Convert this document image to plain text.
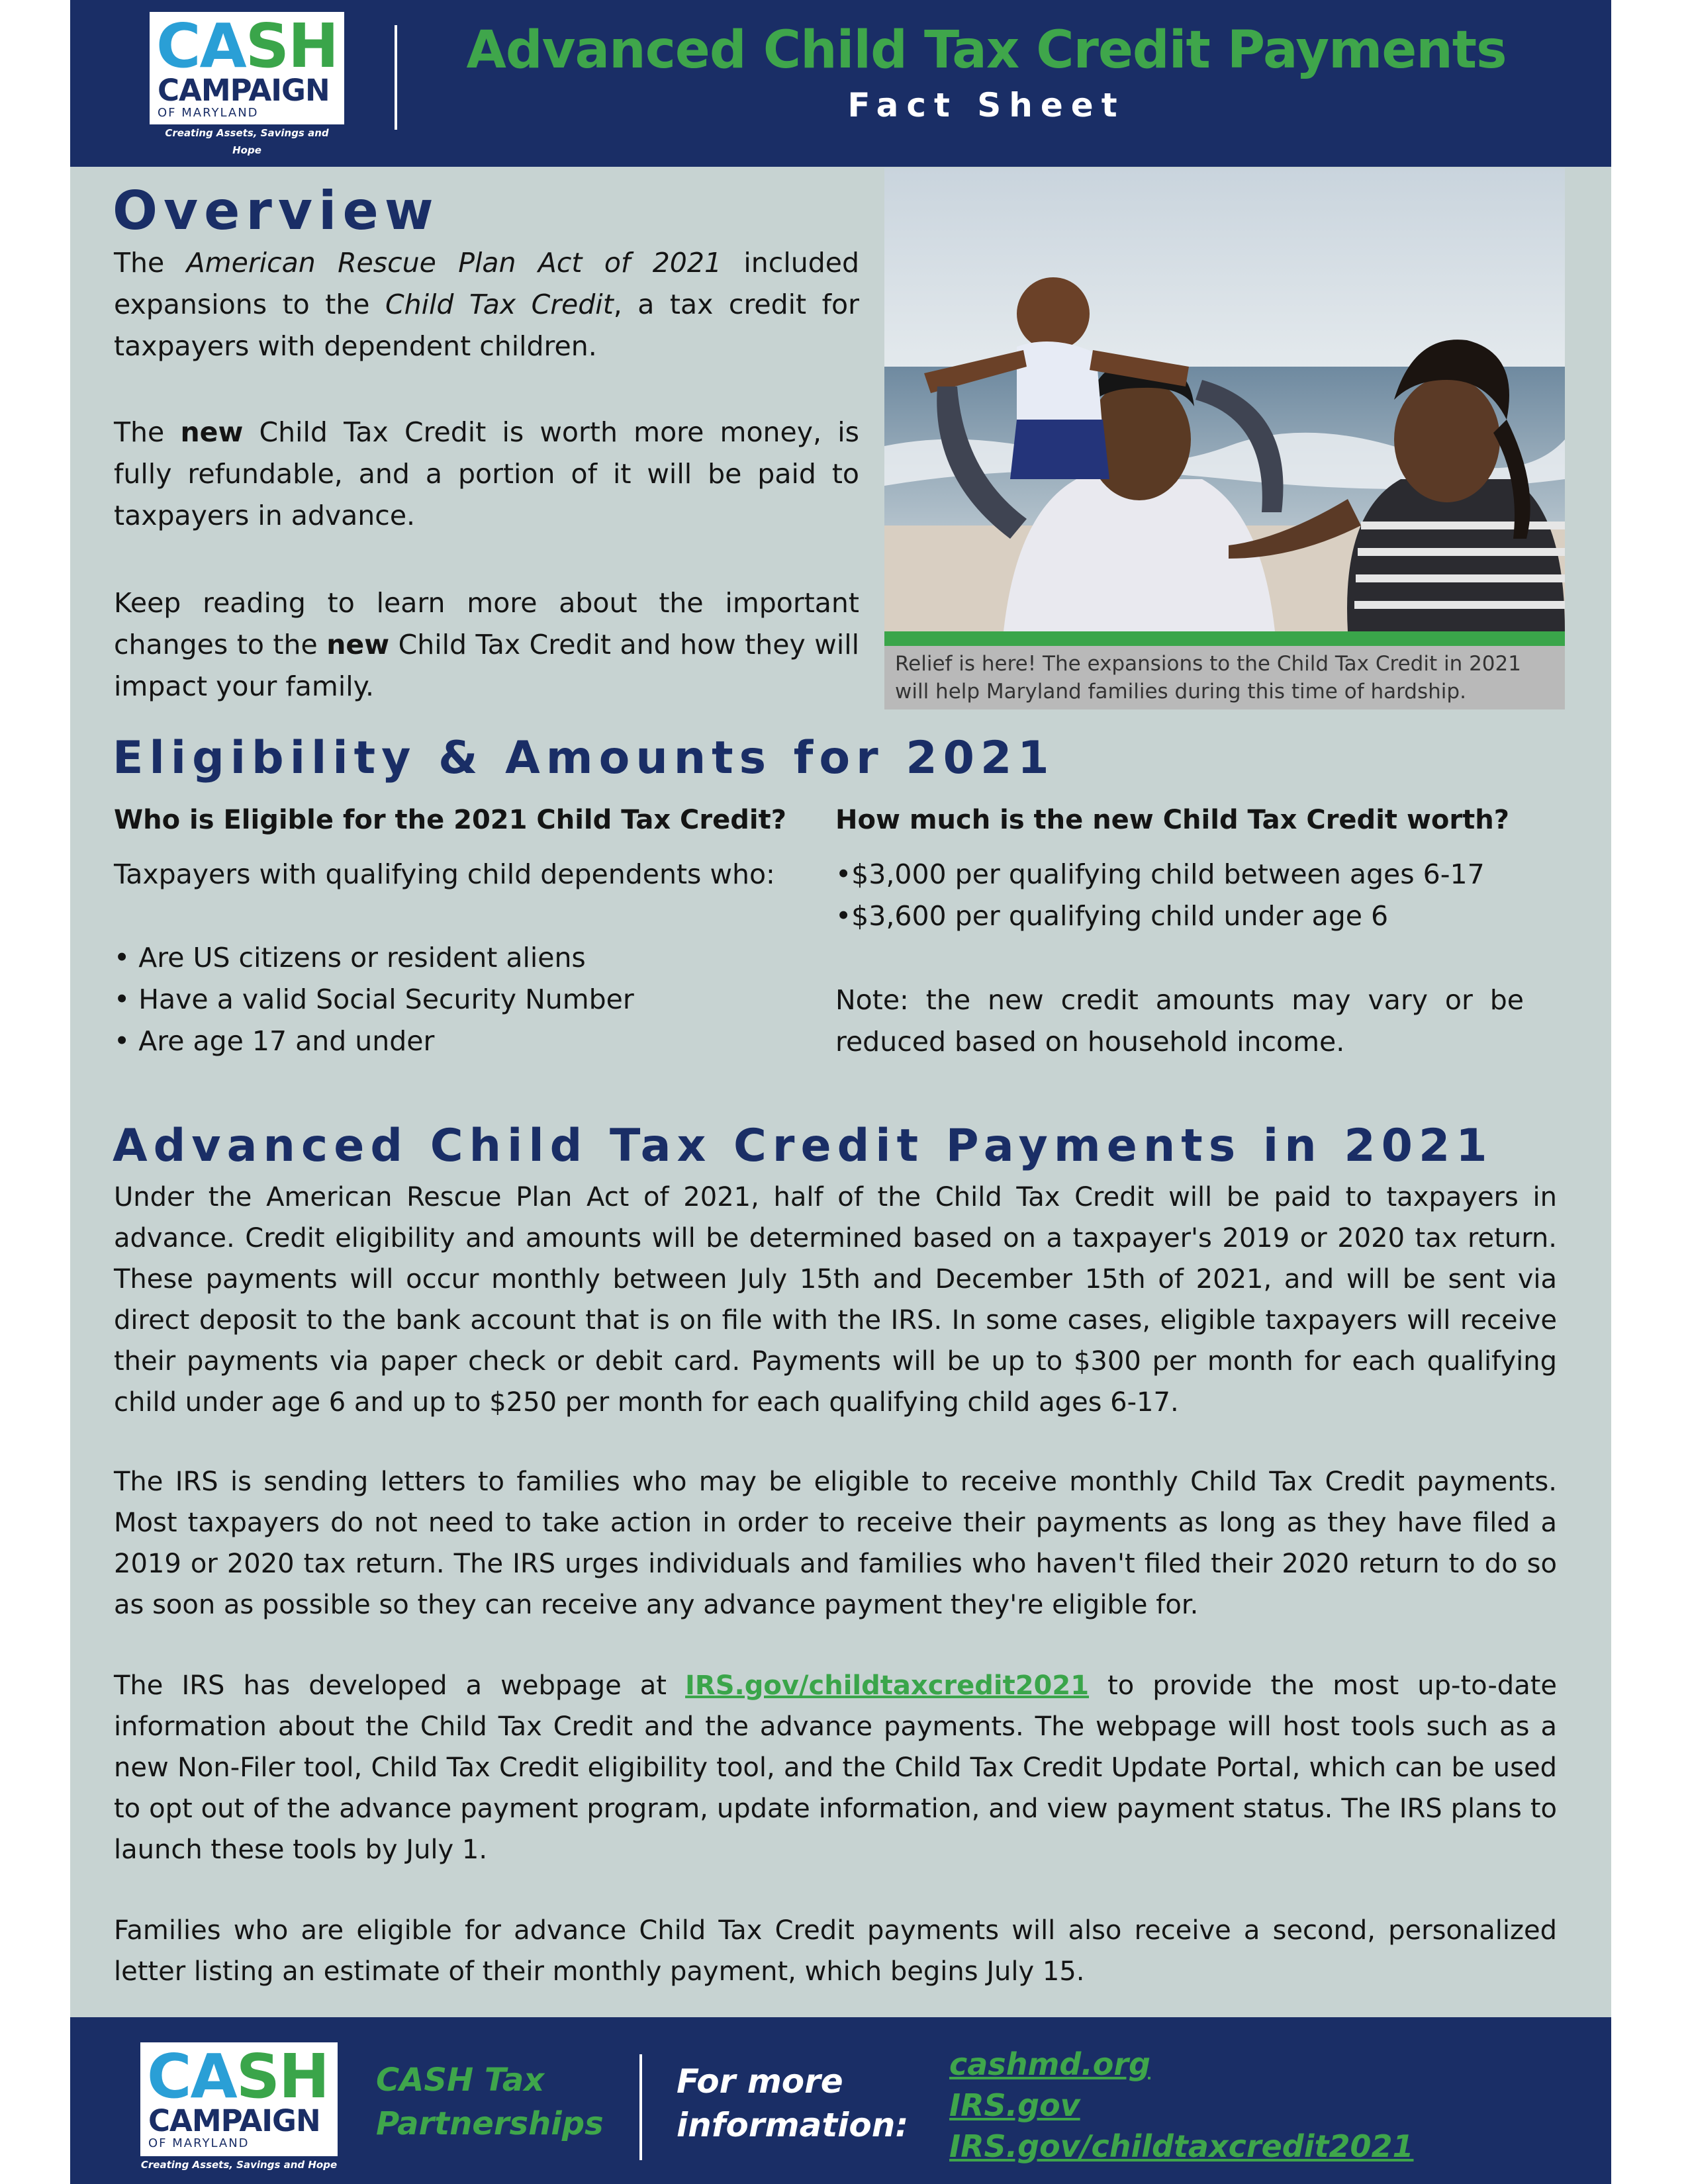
CASH
CAMPAIGN
OF MARYLAND
Creating Assets, Savings and Hope
Advanced Child Tax Credit Payments
Fact Sheet
Overview

The American Rescue Plan Act of 2021 included expansions to the Child Tax Credit, a tax credit for taxpayers with dependent children.

The new Child Tax Credit is worth more money, is fully refundable, and a portion of it will be paid to taxpayers in advance.

Keep reading to learn more about the important changes to the new Child Tax Credit and how they will impact your family.

Relief is here! The expansions to the Child Tax Credit in 2021 will help Maryland families during this time of hardship.
Eligibility & Amounts for 2021
Who is Eligible for the 2021 Child Tax Credit?

Taxpayers with qualifying child dependents who:

• Are US citizens or resident aliens
• Have a valid Social Security Number
• Are age 17 and under
How much is the new Child Tax Credit worth?
•$3,000 per qualifying child between ages 6-17
•$3,600 per qualifying child under age 6

Note: the new credit amounts may vary or be reduced based on household income.

Advanced Child Tax Credit Payments in 2021

Under the American Rescue Plan Act of 2021, half of the Child Tax Credit will be paid to taxpayers in advance. Credit eligibility and amounts will be determined based on a taxpayer's 2019 or 2020 tax return. These payments will occur monthly between July 15th and December 15th of 2021, and will be sent via direct deposit to the bank account that is on file with the IRS. In some cases, eligible taxpayers will receive their payments via paper check or debit card. Payments will be up to $300 per month for each qualifying child under age 6 and up to $250 per month for each qualifying child ages 6-17.

The IRS is sending letters to families who may be eligible to receive monthly Child Tax Credit payments. Most taxpayers do not need to take action in order to receive their payments as long as they have filed a 2019 or 2020 tax return. The IRS urges individuals and families who haven't filed their 2020 return to do so as soon as possible so they can receive any advance payment they're eligible for.

The IRS has developed a webpage at IRS.gov/childtaxcredit2021 to provide the most up-to-date information about the Child Tax Credit and the advance payments. The webpage will host tools such as a new Non-Filer tool, Child Tax Credit eligibility tool, and the Child Tax Credit Update Portal, which can be used to opt out of the advance payment program, update information, and view payment status. The IRS plans to launch these tools by July 1.

Families who are eligible for advance Child Tax Credit payments will also receive a second, personalized letter listing an estimate of their monthly payment, which begins July 15.

CASH
CAMPAIGN
OF MARYLAND
Creating Assets, Savings and Hope
CASH Tax
Partnerships
For more
information:
cashmd.org
IRS.gov
IRS.gov/childtaxcredit2021
